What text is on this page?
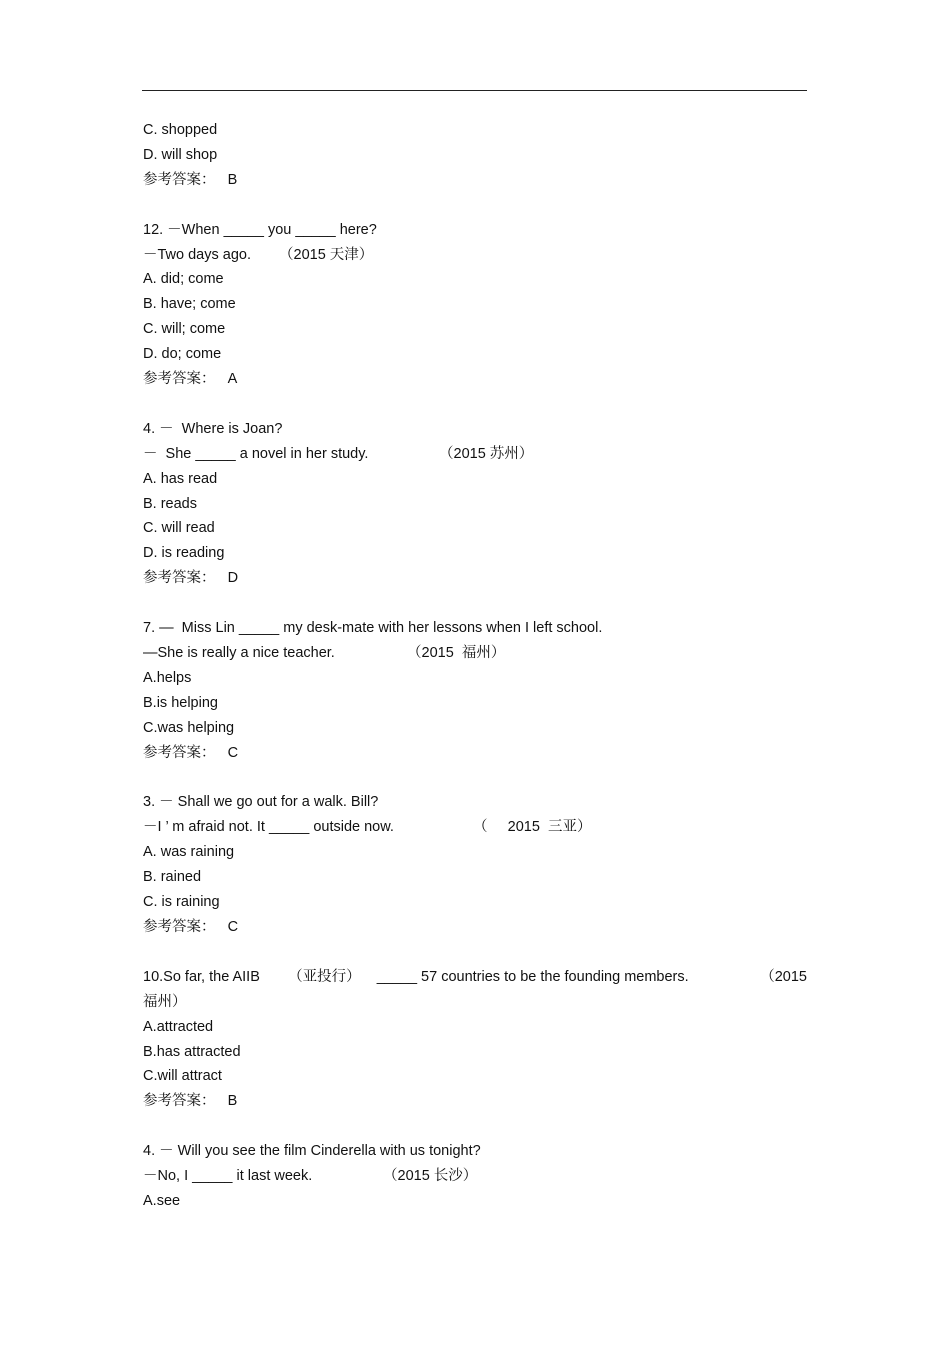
C. shopped
D. will shop
参考答案：   B
12. －When _____ you _____ here?
－Two days ago. （2015 天津）
A. did; come
B. have; come
C. will; come
D. do; come
参考答案：   A
4. －  Where is Joan?
－  She _____ a novel in her study.	（2015 苏州）
A. has read
B. reads
C. will read
D. is reading
参考答案：   D
7. —  Miss Lin _____ my desk-mate with her lessons when I left school.
—She is really a nice teacher.	（2015  福州）
A.helps
B.is helping
C.was helping
参考答案：   C
3. － Shall we go out for a walk. Bill?
－I ’ m afraid not. It _____ outside now.	（     2015  三亚）
A. was raining
B. rained
C. is raining
参考答案：   C
10.So far, the AIIB       （亚投行）    _____ 57 countries to be the founding members.	（2015
福州）
A.attracted
B.has attracted
C.will attract
参考答案：   B
4. － Will you see the film Cinderella with us tonight?
－No, I _____ it last week.	（2015 长沙）
A.see
